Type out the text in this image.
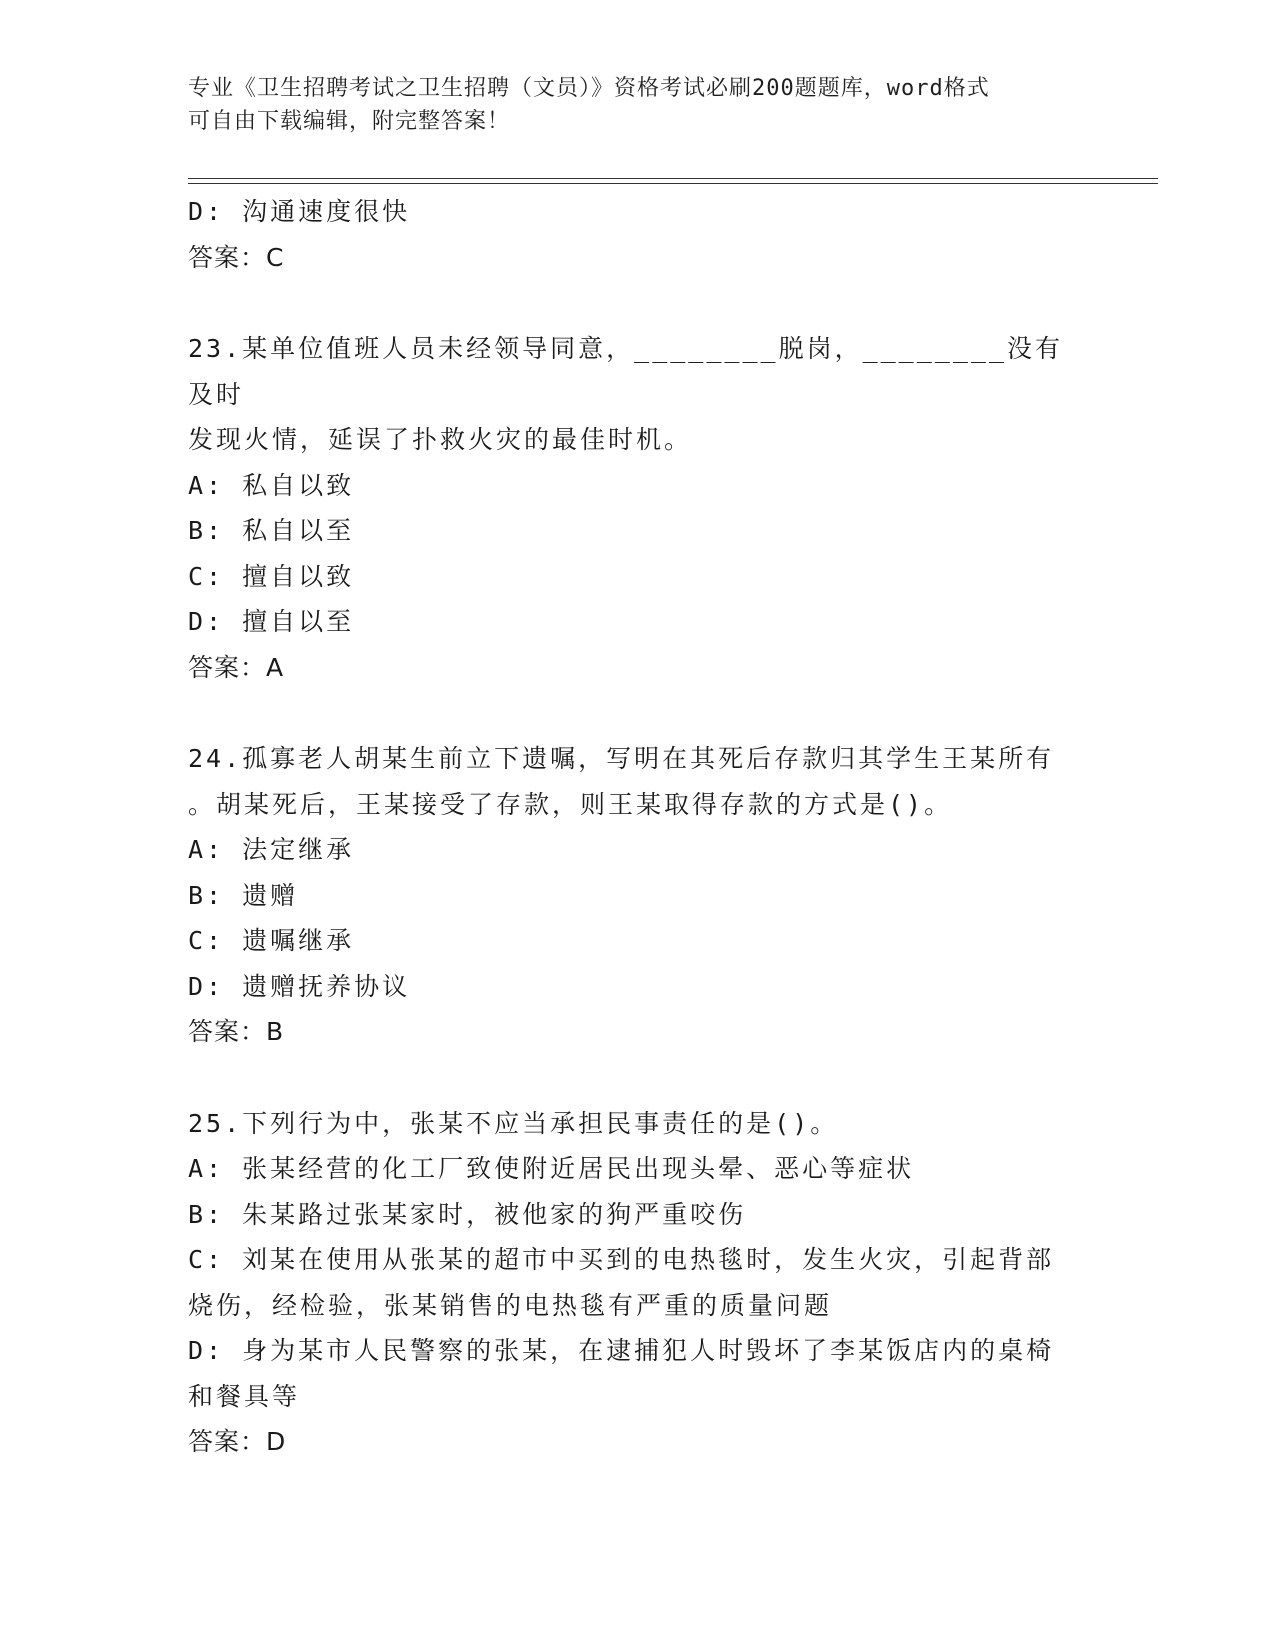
专业《卫生招聘考试之卫生招聘（文员）》资格考试必刷200题题库，word格式
可自由下载编辑，附完整答案！

D: 沟通速度很快

答案：C

23.某单位值班人员未经领导同意，________脱岗，________没有及时

发现火情，延误了扑救火灾的最佳时机。

A: 私自以致

B: 私自以至

C: 擅自以致

D: 擅自以至

答案：A

24.孤寡老人胡某生前立下遗嘱，写明在其死后存款归其学生王某所有

。胡某死后，王某接受了存款，则王某取得存款的方式是()。

A: 法定继承

B: 遗赠

C: 遗嘱继承

D: 遗赠抚养协议

答案：B

25.下列行为中，张某不应当承担民事责任的是()。

A: 张某经营的化工厂致使附近居民出现头晕、恶心等症状

B: 朱某路过张某家时，被他家的狗严重咬伤

C: 刘某在使用从张某的超市中买到的电热毯时，发生火灾，引起背部
烧伤，经检验，张某销售的电热毯有严重的质量问题

D: 身为某市人民警察的张某，在逮捕犯人时毁坏了李某饭店内的桌椅
和餐具等

答案：D
